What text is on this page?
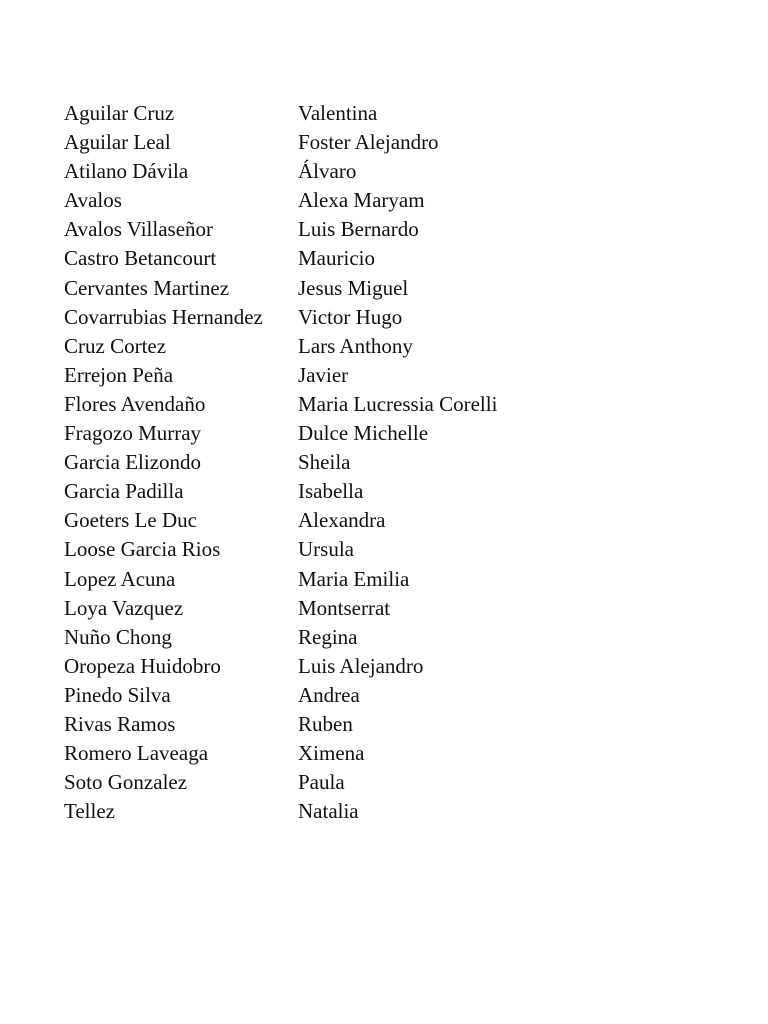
Aguilar Cruz	Valentina
Aguilar Leal	Foster Alejandro
Atilano Dávila	Álvaro
Avalos	Alexa Maryam
Avalos Villaseñor	Luis Bernardo
Castro Betancourt	Mauricio
Cervantes Martinez	Jesus Miguel
Covarrubias Hernandez	Victor Hugo
Cruz Cortez	Lars Anthony
Errejon Peña	Javier
Flores Avendaño	Maria Lucressia Corelli
Fragozo Murray	Dulce Michelle
Garcia Elizondo	Sheila
Garcia Padilla	Isabella
Goeters Le Duc	Alexandra
Loose Garcia Rios	Ursula
Lopez Acuna	Maria Emilia
Loya Vazquez	Montserrat
Nuño Chong	Regina
Oropeza Huidobro	Luis Alejandro
Pinedo Silva	Andrea
Rivas Ramos	Ruben
Romero Laveaga	Ximena
Soto Gonzalez	Paula
Tellez	Natalia
